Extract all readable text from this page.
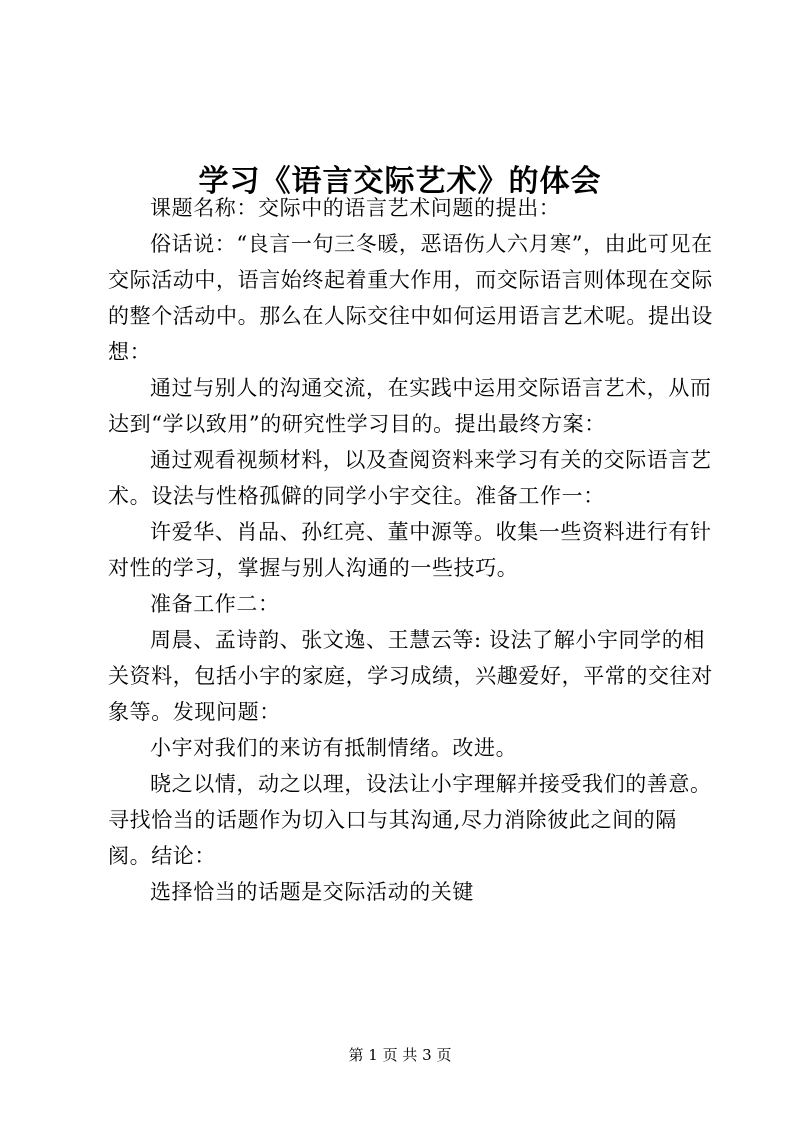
学习《语言交际艺术》的体会

课题名称：交际中的语言艺术问题的提出：

俗话说：“良言一句三冬暖，恶语伤人六月寒”，由此可见在交际活动中，语言始终起着重大作用，而交际语言则体现在交际的整个活动中。那么在人际交往中如何运用语言艺术呢。提出设想：

通过与别人的沟通交流，在实践中运用交际语言艺术，从而达到“学以致用”的研究性学习目的。提出最终方案：

通过观看视频材料，以及查阅资料来学习有关的交际语言艺术。设法与性格孤僻的同学小宇交往。准备工作一：

许爱华、肖品、孙红亮、董中源等。收集一些资料进行有针对性的学习，掌握与别人沟通的一些技巧。

准备工作二：

周晨、孟诗韵、张文逸、王慧云等: 设法了解小宇同学的相关资料，包括小宇的家庭，学习成绩，兴趣爱好，平常的交往对象等。发现问题：

小宇对我们的来访有抵制情绪。改进。

晓之以情，动之以理，设法让小宇理解并接受我们的善意。寻找恰当的话题作为切入口与其沟通,尽力消除彼此之间的隔阂。结论：

选择恰当的话题是交际活动的关键

第 1 页 共 3 页
